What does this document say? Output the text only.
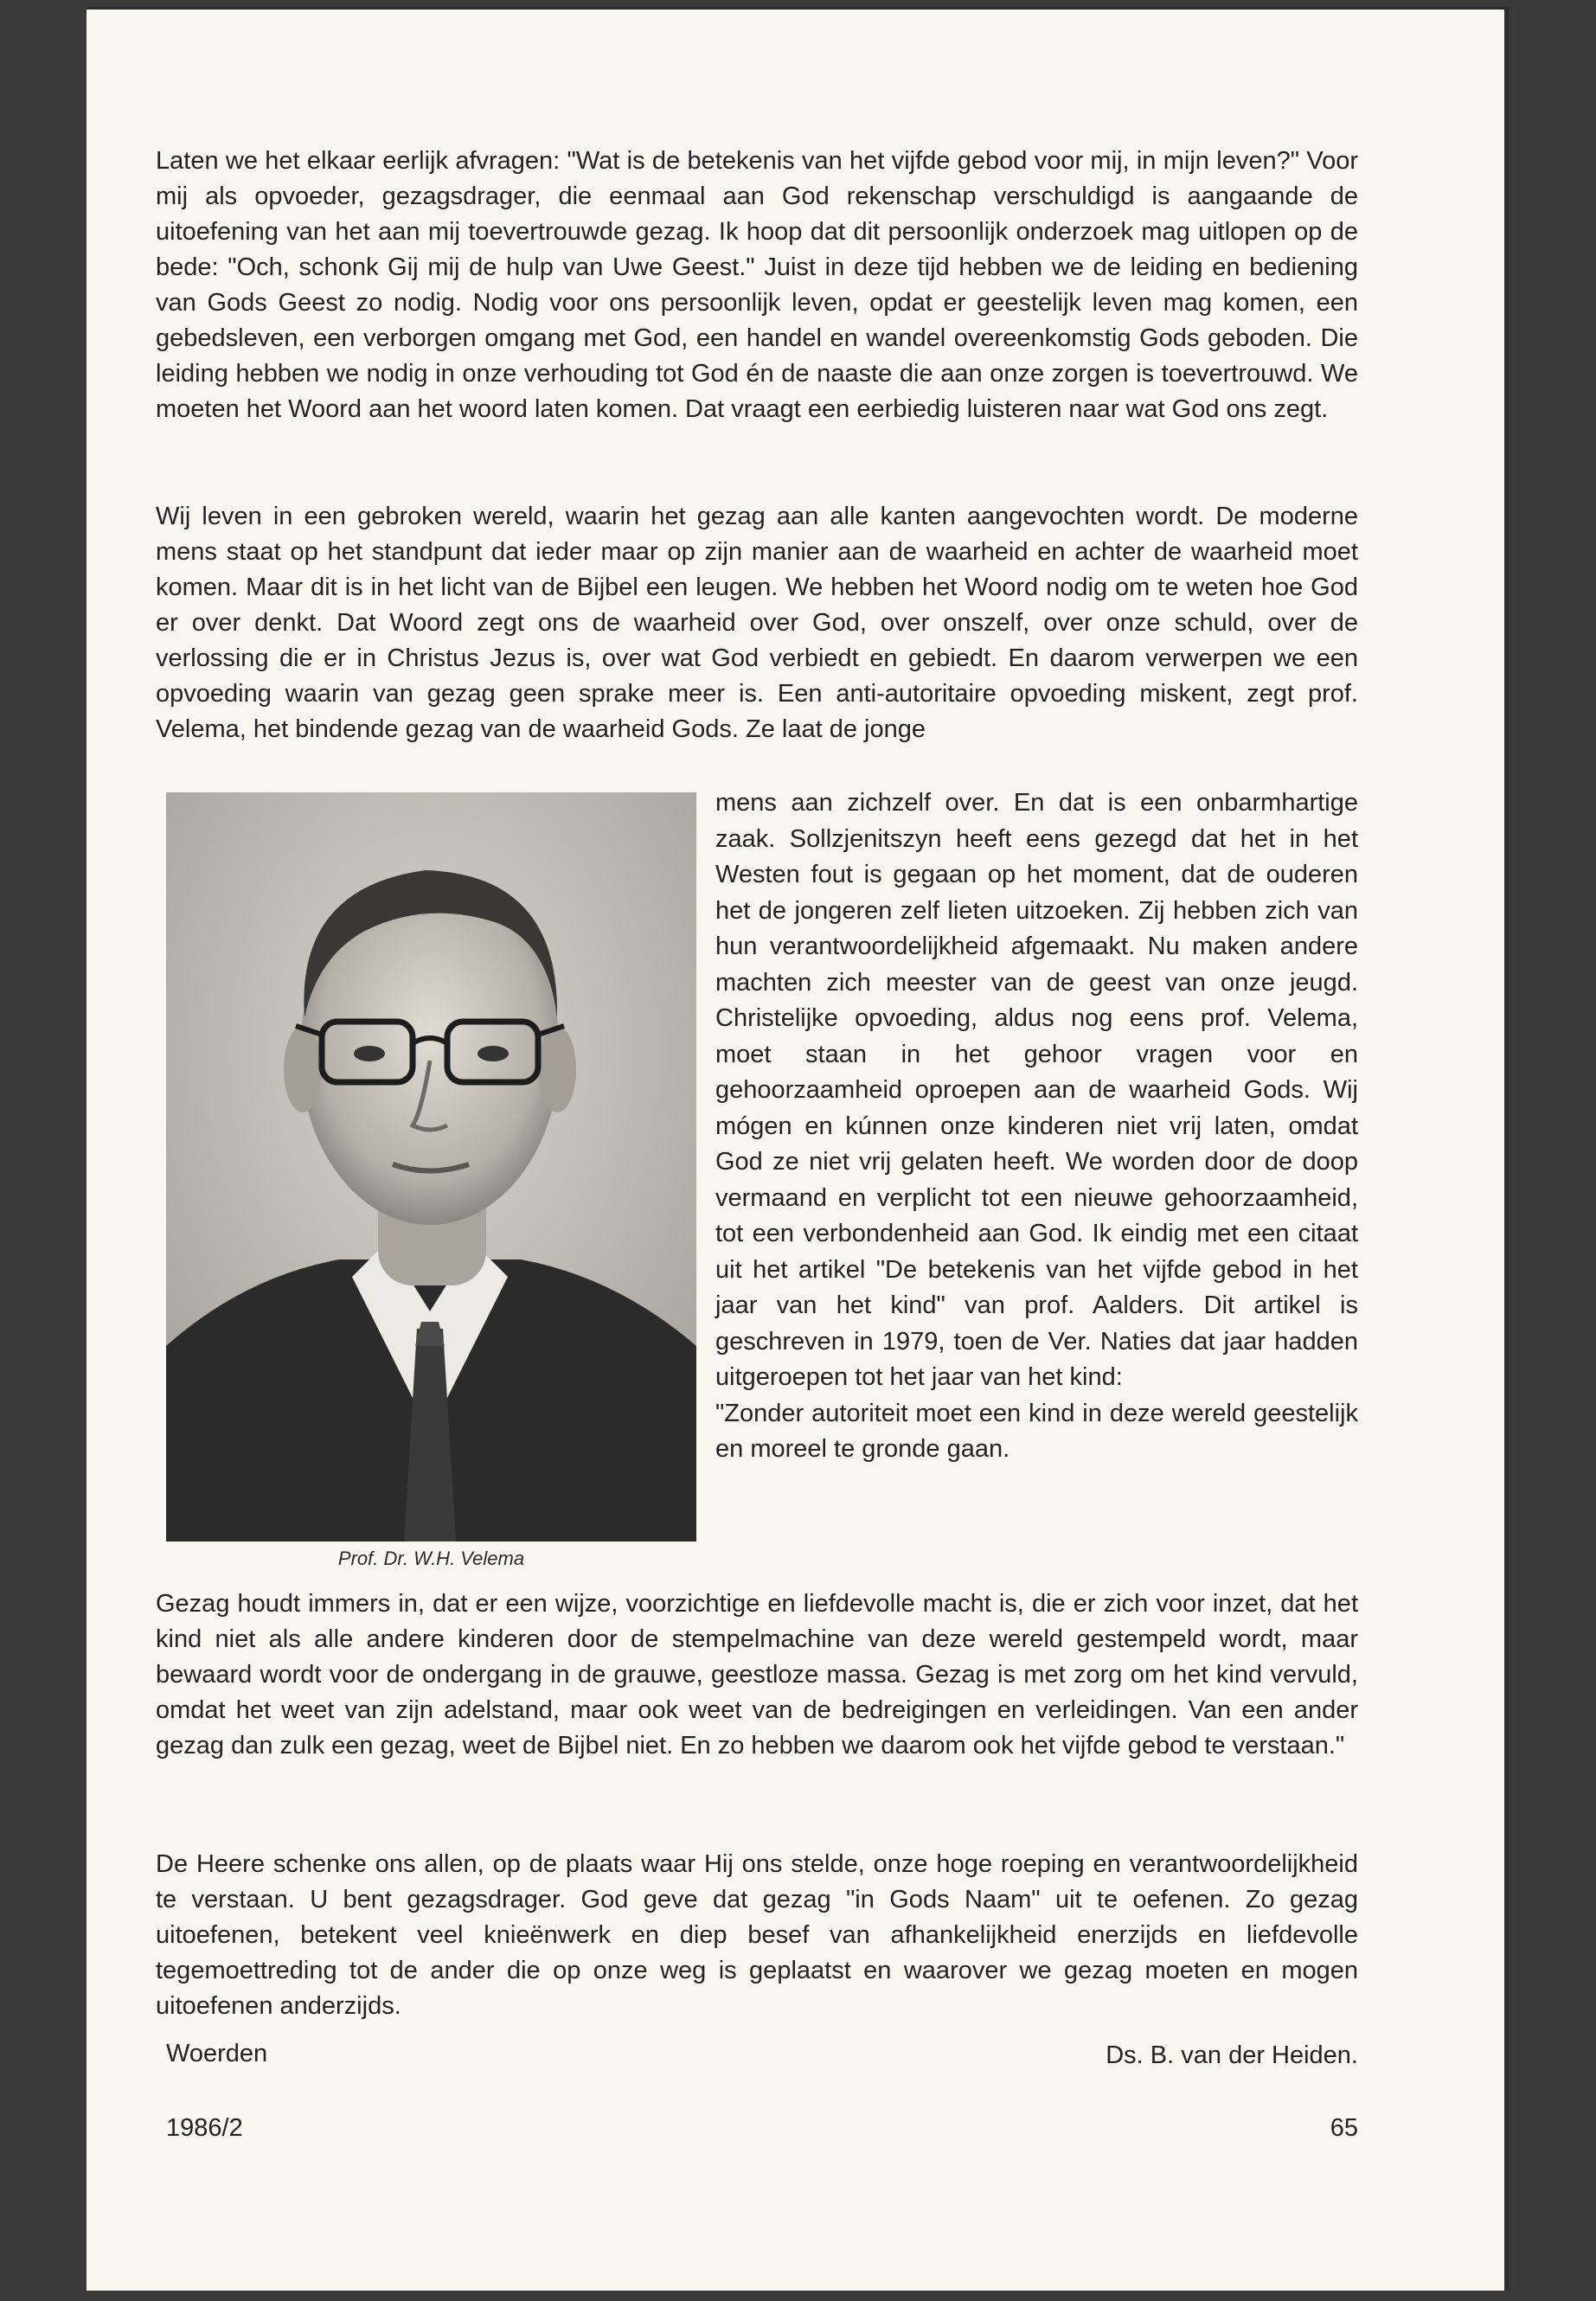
Laten we het elkaar eerlijk afvragen: "Wat is de betekenis van het vijfde gebod voor mij, in mijn leven?" Voor mij als opvoeder, gezagsdrager, die eenmaal aan God rekenschap verschuldigd is aangaande de uitoefening van het aan mij toevertrouwde gezag. Ik hoop dat dit persoonlijk onderzoek mag uitlopen op de bede: "Och, schonk Gij mij de hulp van Uwe Geest." Juist in deze tijd hebben we de leiding en bediening van Gods Geest zo nodig. Nodig voor ons persoonlijk leven, opdat er geestelijk leven mag komen, een gebedsleven, een verborgen omgang met God, een handel en wandel overeenkomstig Gods geboden. Die leiding hebben we nodig in onze verhouding tot God én de naaste die aan onze zorgen is toevertrouwd. We moeten het Woord aan het woord laten komen. Dat vraagt een eerbiedig luisteren naar wat God ons zegt.

Wij leven in een gebroken wereld, waarin het gezag aan alle kanten aangevochten wordt. De moderne mens staat op het standpunt dat ieder maar op zijn manier aan de waarheid en achter de waarheid moet komen. Maar dit is in het licht van de Bijbel een leugen. We hebben het Woord nodig om te weten hoe God er over denkt. Dat Woord zegt ons de waarheid over God, over onszelf, over onze schuld, over de verlossing die er in Christus Jezus is, over wat God verbiedt en gebiedt. En daarom verwerpen we een opvoeding waarin van gezag geen sprake meer is. Een anti-autoritaire opvoeding miskent, zegt prof. Velema, het bindende gezag van de waarheid Gods. Ze laat de jonge

Prof. Dr. W.H. Velema

mens aan zichzelf over. En dat is een onbarmhartige zaak. Sollzjenitszyn heeft eens gezegd dat het in het Westen fout is gegaan op het moment, dat de ouderen het de jongeren zelf lieten uitzoeken. Zij hebben zich van hun verantwoordelijkheid afgemaakt. Nu maken andere machten zich meester van de geest van onze jeugd. Christelijke opvoeding, aldus nog eens prof. Velema, moet staan in het gehoor vragen voor en gehoorzaamheid oproepen aan de waarheid Gods. Wij mógen en kúnnen onze kinderen niet vrij laten, omdat God ze niet vrij gelaten heeft. We worden door de doop vermaand en verplicht tot een nieuwe gehoorzaamheid, tot een verbondenheid aan God. Ik eindig met een citaat uit het artikel "De betekenis van het vijfde gebod in het jaar van het kind" van prof. Aalders. Dit artikel is geschreven in 1979, toen de Ver. Naties dat jaar hadden uitgeroepen tot het jaar van het kind:
"Zonder autoriteit moet een kind in deze wereld geestelijk en moreel te gronde gaan.

Gezag houdt immers in, dat er een wijze, voorzichtige en liefdevolle macht is, die er zich voor inzet, dat het kind niet als alle andere kinderen door de stempelmachine van deze wereld gestempeld wordt, maar bewaard wordt voor de ondergang in de grauwe, geestloze massa. Gezag is met zorg om het kind vervuld, omdat het weet van zijn adelstand, maar ook weet van de bedreigingen en verleidingen. Van een ander gezag dan zulk een gezag, weet de Bijbel niet. En zo hebben we daarom ook het vijfde gebod te verstaan."

De Heere schenke ons allen, op de plaats waar Hij ons stelde, onze hoge roeping en verantwoordelijkheid te verstaan. U bent gezagsdrager. God geve dat gezag "in Gods Naam" uit te oefenen. Zo gezag uitoefenen, betekent veel knieënwerk en diep besef van afhankelijkheid enerzijds en liefdevolle tegemoettreding tot de ander die op onze weg is geplaatst en waarover we gezag moeten en mogen uitoefenen anderzijds.

Woerden	Ds. B. van der Heiden.
1986/2	65
